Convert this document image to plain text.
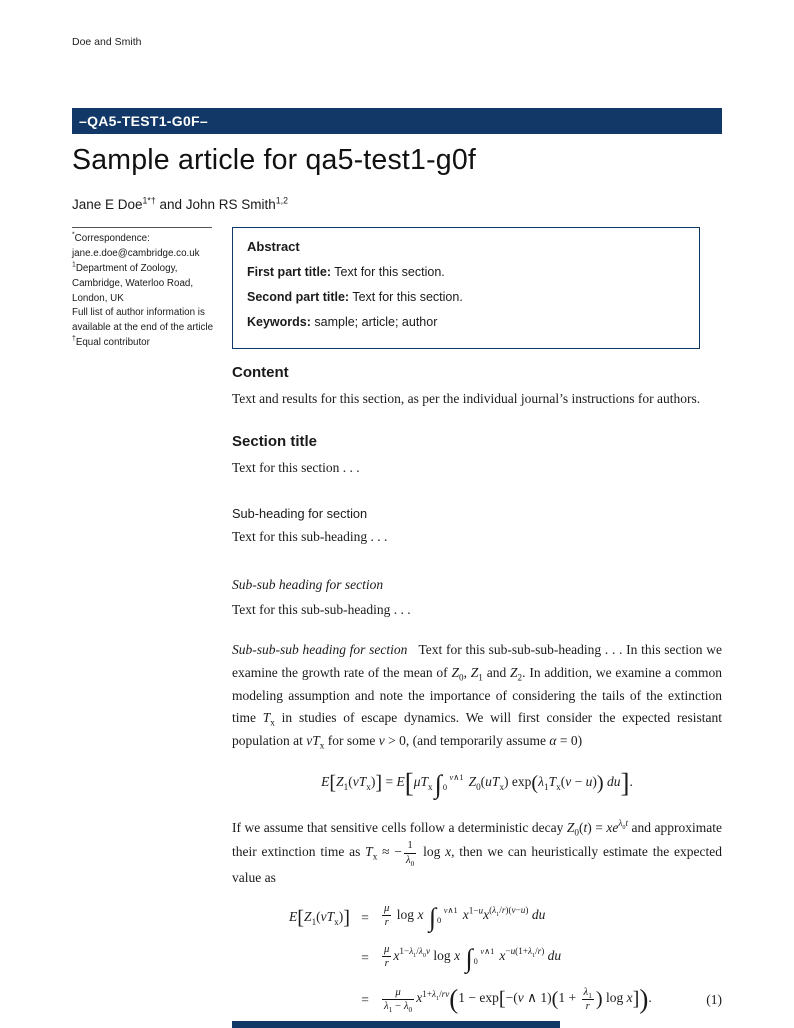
Doe and Smith
–QA5-TEST1-G0F–
Sample article for qa5-test1-g0f
Jane E Doe$^{1*\dagger}$ and John RS Smith$^{1,2}$
*Correspondence:
jane.e.doe@cambridge.co.uk
$^1$Department of Zoology,
Cambridge, Waterloo Road,
London, UK
Full list of author information is
available at the end of the article
†Equal contributor
Abstract
First part title: Text for this section.
Second part title: Text for this section.
Keywords: sample; article; author
Content

Text and results for this section, as per the individual journal’s instructions for authors.

Section title

Text for this section . . .

Sub-heading for section

Text for this sub-heading . . .

Sub-sub heading for section

Text for this sub-sub-heading . . .

Sub-sub-sub heading for section   Text for this sub-sub-sub-heading . . . In this section we examine the growth rate of the mean of $Z_0$, $Z_1$ and $Z_2$. In addition, we examine a common modeling assumption and note the importance of considering the tails of the extinction time $T_x$ in studies of escape dynamics. We will first consider the expected resistant population at $vT_x$ for some v > 0, (and temporarily assume α = 0)

$E[Z_1(vT_x)] = E[\mu T_x\int$ v∧1
0	$Z_0(uT_x) \exp(\lambda_1T_x(v - u))$ du].

If we assume that sensitive cells follow a deterministic decay $Z_0(t) = xe^{\lambda_0t}$ and approximate their extinction time as $T_x$ ≈ − $\frac{1}{\lambda_0}$ log x, then we can heuristically estimate the expected value as

$E[Z_1(vT_x)]$ =	$\frac{\mu}{r}$ log x ∫ v∧1
0	$x^{1-u}x^{(\lambda_1/r)(v-u)}$ du
=	$\frac{\mu}{r} x^{1-\lambda_1/\lambda_0v}$ log x ∫ v∧1
0	$x^{-u(1+\lambda_1/r)}$ du
=	$\frac{\mu}{\lambda_1 - \lambda_0} x^{1+\lambda_1/rv}(1 - \exp[-(v$ ∧ $1)(1 + \frac{\lambda_1}{r}$ ) log x]).	(1)
